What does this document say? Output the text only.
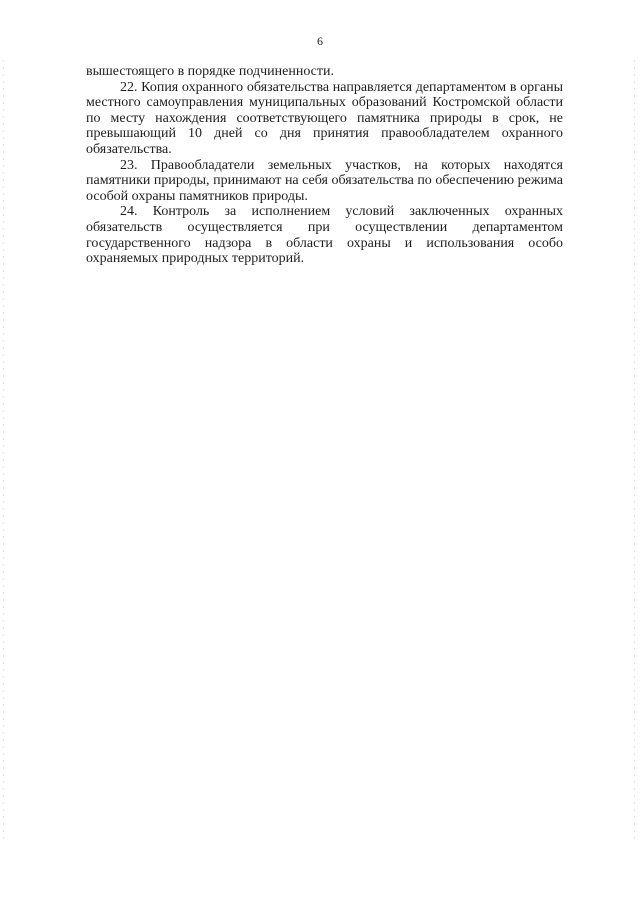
6

вышестоящего в порядке подчиненности.

22. Копия охранного обязательства направляется департаментом в органы местного самоуправления муниципальных образований Костромской области по месту нахождения соответствующего памятника природы в срок, не превышающий 10 дней со дня принятия правообладателем охранного обязательства.

23. Правообладатели земельных участков, на которых находятся памятники природы, принимают на себя обязательства по обеспечению режима особой охраны памятников природы.

24. Контроль за исполнением условий заключенных охранных обязательств осуществляется при осуществлении департаментом государственного надзора в области охраны и использования особо охраняемых природных территорий.
